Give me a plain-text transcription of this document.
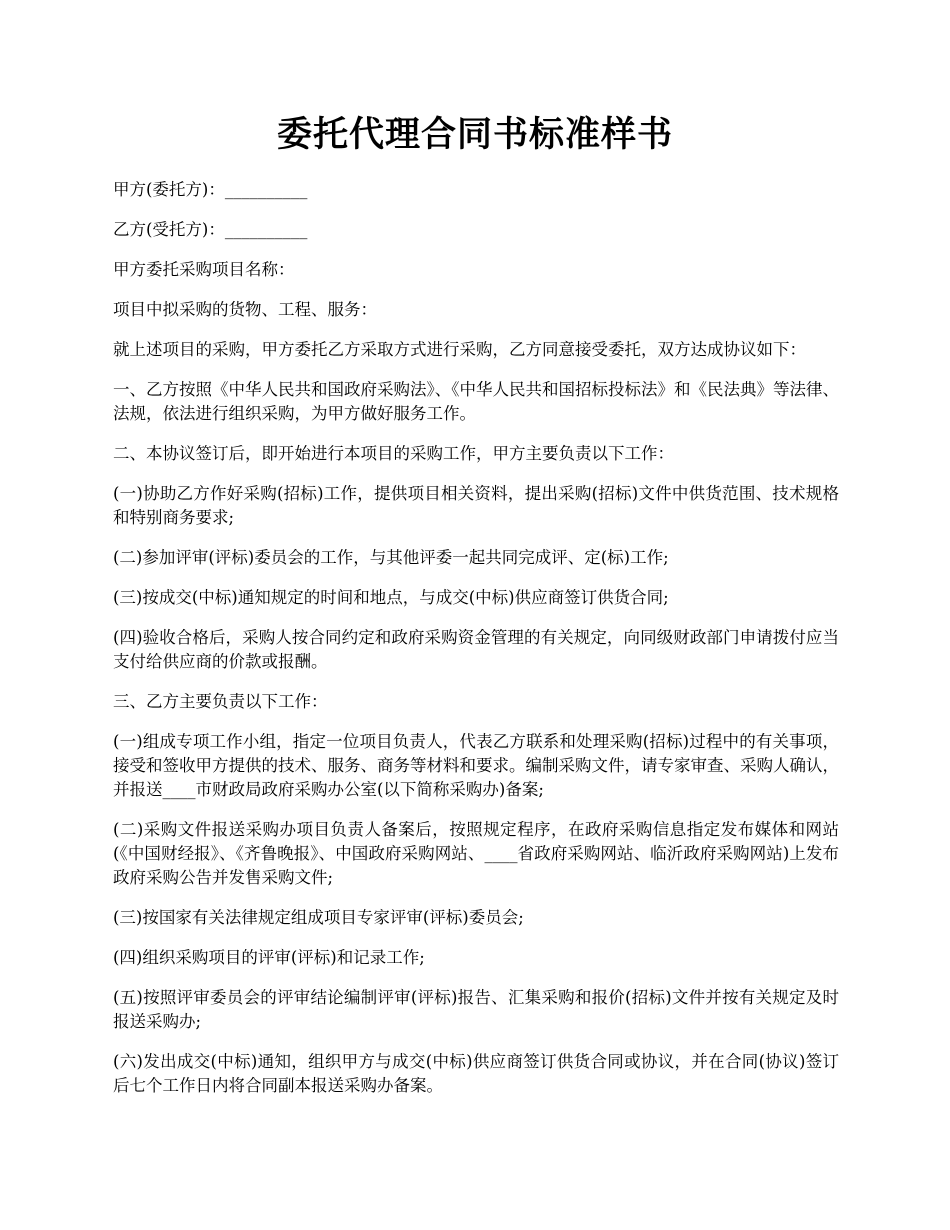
委托代理合同书标准样书

甲方(委托方)：__________

乙方(受托方)：__________

甲方委托采购项目名称：

项目中拟采购的货物、工程、服务：

就上述项目的采购，甲方委托乙方采取方式进行采购，乙方同意接受委托，双方达成协议如下：

一、乙方按照《中华人民共和国政府采购法》、《中华人民共和国招标投标法》和《民法典》等法律、法规，依法进行组织采购，为甲方做好服务工作。

二、本协议签订后，即开始进行本项目的采购工作，甲方主要负责以下工作：

(一)协助乙方作好采购(招标)工作，提供项目相关资料，提出采购(招标)文件中供货范围、技术规格和特别商务要求;

(二)参加评审(评标)委员会的工作，与其他评委一起共同完成评、定(标)工作;

(三)按成交(中标)通知规定的时间和地点，与成交(中标)供应商签订供货合同;

(四)验收合格后，采购人按合同约定和政府采购资金管理的有关规定，向同级财政部门申请拨付应当支付给供应商的价款或报酬。

三、乙方主要负责以下工作：

(一)组成专项工作小组，指定一位项目负责人，代表乙方联系和处理采购(招标)过程中的有关事项，接受和签收甲方提供的技术、服务、商务等材料和要求。编制采购文件，请专家审查、采购人确认，并报送____市财政局政府采购办公室(以下简称采购办)备案;

(二)采购文件报送采购办项目负责人备案后，按照规定程序，在政府采购信息指定发布媒体和网站(《中国财经报》、《齐鲁晚报》、中国政府采购网站、____省政府采购网站、临沂政府采购网站)上发布政府采购公告并发售采购文件;

(三)按国家有关法律规定组成项目专家评审(评标)委员会;

(四)组织采购项目的评审(评标)和记录工作;

(五)按照评审委员会的评审结论编制评审(评标)报告、汇集采购和报价(招标)文件并按有关规定及时报送采购办;

(六)发出成交(中标)通知，组织甲方与成交(中标)供应商签订供货合同或协议，并在合同(协议)签订后七个工作日内将合同副本报送采购办备案。
